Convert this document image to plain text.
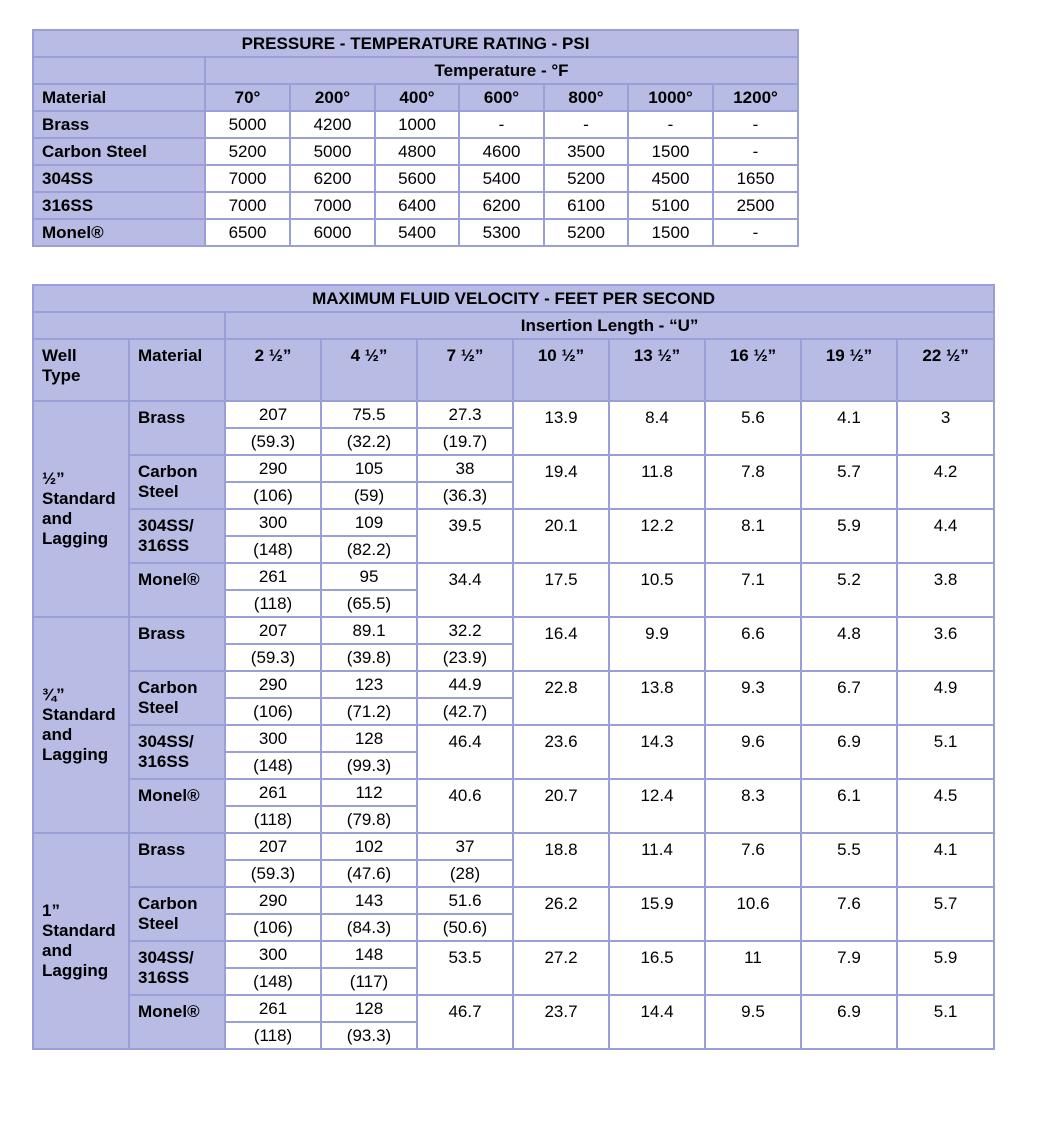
PRESSURE - TEMPERATURE RATING - PSI							
	Temperature - °F						
Material	70°	200°	400°	600°	800°	1000°	1200°
Brass	5000	4200	1000	-	-	-	-
Carbon Steel	5200	5000	4800	4600	3500	1500	-
304SS	7000	6200	5600	5400	5200	4500	1650
316SS	7000	7000	6400	6200	6100	5100	2500
Monel®	6500	6000	5400	5300	5200	1500	-
MAXIMUM FLUID VELOCITY - FEET PER SECOND									
		Insertion Length - “U”							
Well
Type	Material	2 ½”	4 ½”	7 ½”	10 ½”	13 ½”	16 ½”	19 ½”	22 ½”
½”
Standard
and
Lagging	Brass	207	75.5	27.3	13.9	8.4	5.6	4.1	3
		(59.3)	(32.2)	(19.7)					
	Carbon
Steel	290	105	38	19.4	11.8	7.8	5.7	4.2
		(106)	(59)	(36.3)					
	304SS/
316SS	300	109	39.5	20.1	12.2	8.1	5.9	4.4
		(148)	(82.2)						
	Monel®	261	95	34.4	17.5	10.5	7.1	5.2	3.8
		(118)	(65.5)						
¾”
Standard
and
Lagging	Brass	207	89.1	32.2	16.4	9.9	6.6	4.8	3.6
		(59.3)	(39.8)	(23.9)					
	Carbon
Steel	290	123	44.9	22.8	13.8	9.3	6.7	4.9
		(106)	(71.2)	(42.7)					
	304SS/
316SS	300	128	46.4	23.6	14.3	9.6	6.9	5.1
		(148)	(99.3)						
	Monel®	261	112	40.6	20.7	12.4	8.3	6.1	4.5
		(118)	(79.8)						
1”
Standard
and
Lagging	Brass	207	102	37	18.8	11.4	7.6	5.5	4.1
		(59.3)	(47.6)	(28)					
	Carbon
Steel	290	143	51.6	26.2	15.9	10.6	7.6	5.7
		(106)	(84.3)	(50.6)					
	304SS/
316SS	300	148	53.5	27.2	16.5	11	7.9	5.9
		(148)	(117)						
	Monel®	261	128	46.7	23.7	14.4	9.5	6.9	5.1
		(118)	(93.3)						
